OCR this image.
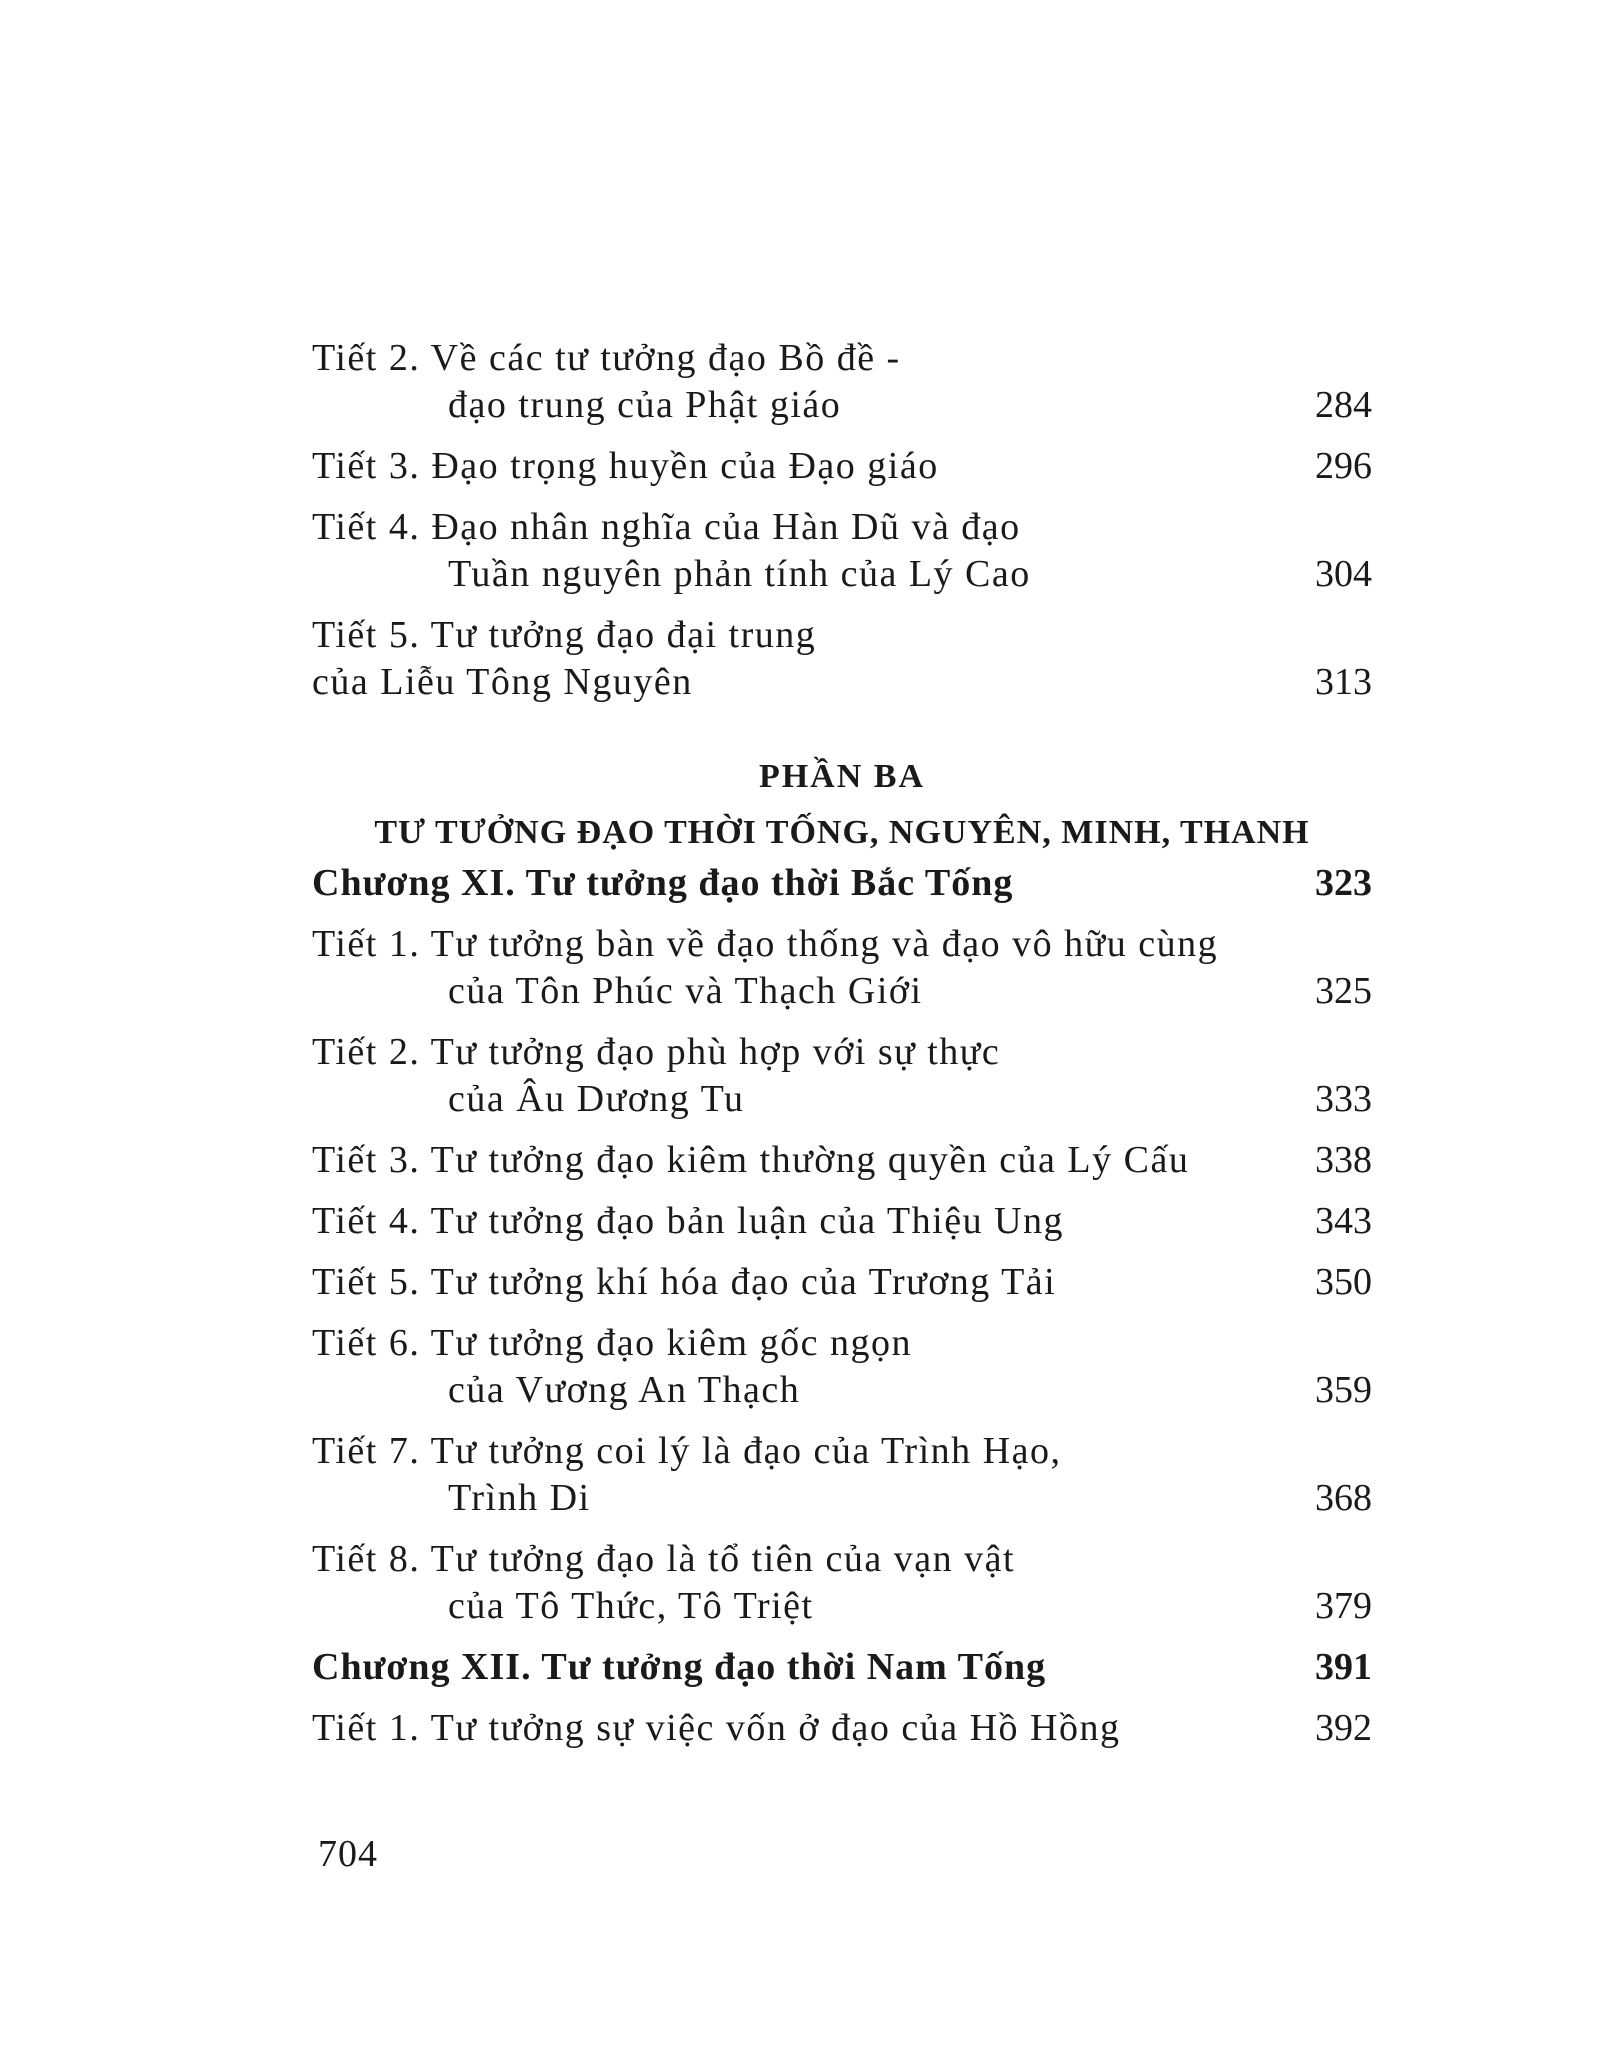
Tiết 2. Về các tư tưởng đạo Bồ đề -
đạo trung của Phật giáo	284
Tiết 3. Đạo trọng huyền của Đạo giáo	296
Tiết 4. Đạo nhân nghĩa của Hàn Dũ và đạo
Tuần nguyên phản tính của Lý Cao	304
Tiết 5. Tư tưởng đạo đại trung
của Liễu Tông Nguyên	313
PHẦN BA
TƯ TƯỞNG ĐẠO THỜI TỐNG, NGUYÊN, MINH, THANH
Chương XI. Tư tưởng đạo thời Bắc Tống	323
Tiết 1. Tư tưởng bàn về đạo thống và đạo vô hữu cùng
của Tôn Phúc và Thạch Giới	325
Tiết 2. Tư tưởng đạo phù hợp với sự thực
của Âu Dương Tu	333
Tiết 3. Tư tưởng đạo kiêm thường quyền của Lý Cấu	338
Tiết 4. Tư tưởng đạo bản luận của Thiệu Ung	343
Tiết 5. Tư tưởng khí hóa đạo của Trương Tải	350
Tiết 6. Tư tưởng đạo kiêm gốc ngọn
của Vương An Thạch	359
Tiết 7. Tư tưởng coi lý là đạo của Trình Hạo,
Trình Di	368
Tiết 8. Tư tưởng đạo là tổ tiên của vạn vật
của Tô Thức, Tô Triệt	379
Chương XII. Tư tưởng đạo thời Nam Tống	391
Tiết 1. Tư tưởng sự việc vốn ở đạo của Hồ Hồng	392
704
